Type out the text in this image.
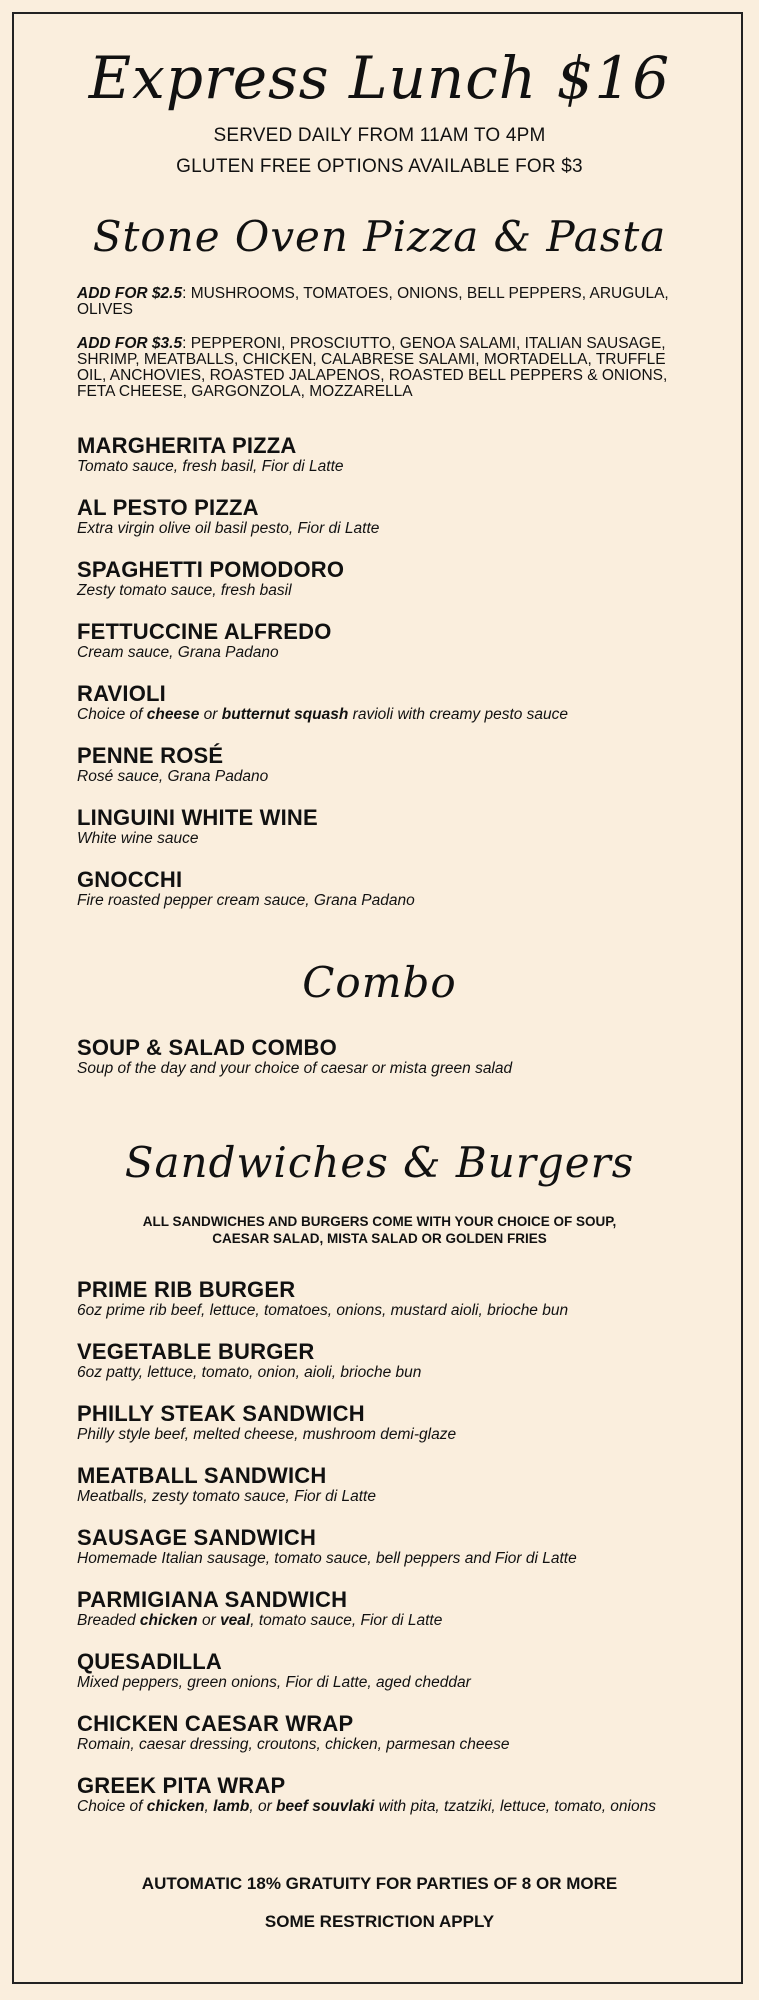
Express Lunch $16
SERVED DAILY FROM 11AM TO 4PM
GLUTEN FREE OPTIONS AVAILABLE FOR $3
Stone Oven Pizza & Pasta
ADD FOR $2.5: MUSHROOMS, TOMATOES, ONIONS, BELL PEPPERS, ARUGULA, OLIVES
ADD FOR $3.5: PEPPERONI, PROSCIUTTO, GENOA SALAMI, ITALIAN SAUSAGE, SHRIMP, MEATBALLS, CHICKEN, CALABRESE SALAMI, MORTADELLA, TRUFFLE OIL, ANCHOVIES, ROASTED JALAPENOS, ROASTED BELL PEPPERS & ONIONS, FETA CHEESE, GARGONZOLA, MOZZARELLA
MARGHERITA PIZZA
Tomato sauce, fresh basil, Fior di Latte
AL PESTO PIZZA
Extra virgin olive oil basil pesto, Fior di Latte
SPAGHETTI POMODORO
Zesty tomato sauce, fresh basil
FETTUCCINE ALFREDO
Cream sauce, Grana Padano
RAVIOLI
Choice of cheese or butternut squash ravioli with creamy pesto sauce
PENNE ROSÉ
Rosé sauce, Grana Padano
LINGUINI WHITE WINE
White wine sauce
GNOCCHI
Fire roasted pepper cream sauce, Grana Padano
Combo
SOUP & SALAD COMBO
Soup of the day and your choice of caesar or mista green salad
Sandwiches & Burgers
ALL SANDWICHES AND BURGERS COME WITH YOUR CHOICE OF SOUP,
CAESAR SALAD, MISTA SALAD OR GOLDEN FRIES
PRIME RIB BURGER
6oz prime rib beef, lettuce, tomatoes, onions, mustard aioli, brioche bun
VEGETABLE BURGER
6oz patty, lettuce, tomato, onion, aioli, brioche bun
PHILLY STEAK SANDWICH
Philly style beef, melted cheese, mushroom demi-glaze
MEATBALL SANDWICH
Meatballs, zesty tomato sauce, Fior di Latte
SAUSAGE SANDWICH
Homemade Italian sausage, tomato sauce, bell peppers and Fior di Latte
PARMIGIANA SANDWICH
Breaded chicken or veal, tomato sauce, Fior di Latte
QUESADILLA
Mixed peppers, green onions, Fior di Latte, aged cheddar
CHICKEN CAESAR WRAP
Romain, caesar dressing, croutons, chicken, parmesan cheese
GREEK PITA WRAP
Choice of chicken, lamb, or beef souvlaki with pita, tzatziki, lettuce, tomato, onions
AUTOMATIC 18% GRATUITY FOR PARTIES OF 8 OR MORE
SOME RESTRICTION APPLY
